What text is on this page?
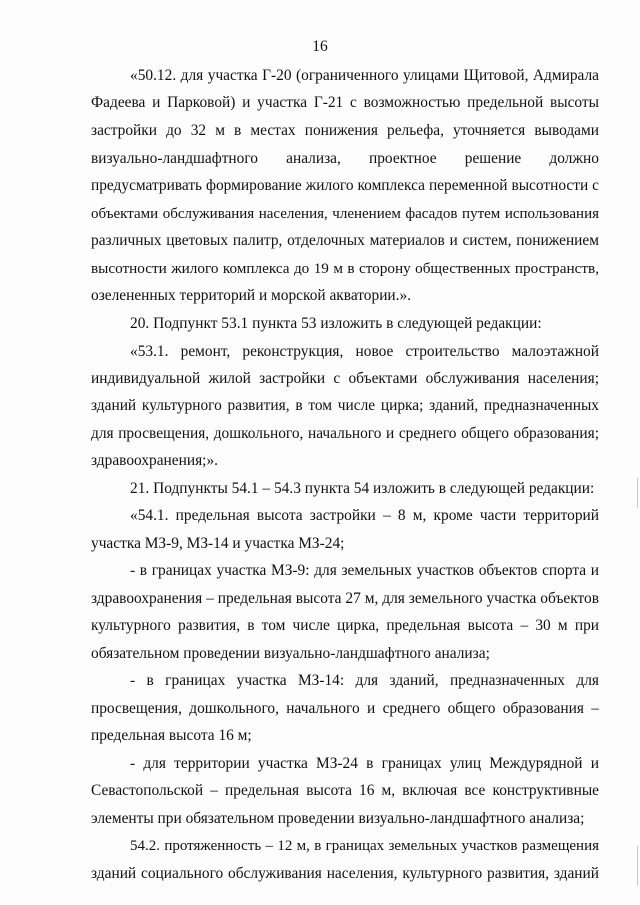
16
«50.12. для участка Г-20 (ограниченного улицами Щитовой, Адмирала
Фадеева и Парковой) и участка Г-21 с возможностью предельной высоты
застройки до 32 м в местах понижения рельефа, уточняется выводами
визуально-ландшафтного анализа, проектное решение должно
предусматривать формирование жилого комплекса переменной высотности с
объектами обслуживания населения, членением фасадов путем использования
различных цветовых палитр, отделочных материалов и систем, понижением
высотности жилого комплекса до 19 м в сторону общественных пространств,
озелененных территорий и морской акватории.».
20. Подпункт 53.1 пункта 53 изложить в следующей редакции:
«53.1. ремонт, реконструкция, новое строительство малоэтажной
индивидуальной жилой застройки с объектами обслуживания населения;
зданий культурного развития, в том числе цирка; зданий, предназначенных
для просвещения, дошкольного, начального и среднего общего образования;
здравоохранения;».
21. Подпункты 54.1 – 54.3 пункта 54 изложить в следующей редакции:
«54.1. предельная высота застройки – 8 м, кроме части территорий
участка МЗ-9, МЗ-14 и участка МЗ-24;
- в границах участка МЗ-9: для земельных участков объектов спорта и
здравоохранения – предельная высота 27 м, для земельного участка объектов
культурного развития, в том числе цирка, предельная высота – 30 м при
обязательном проведении визуально-ландшафтного анализа;
- в границах участка МЗ-14: для зданий, предназначенных для
просвещения, дошкольного, начального и среднего общего образования –
предельная высота 16 м;
- для территории участка МЗ-24 в границах улиц Междурядной и
Севастопольской – предельная высота 16 м, включая все конструктивные
элементы при обязательном проведении визуально-ландшафтного анализа;
54.2. протяженность – 12 м, в границах земельных участков размещения
зданий социального обслуживания населения, культурного развития, зданий
